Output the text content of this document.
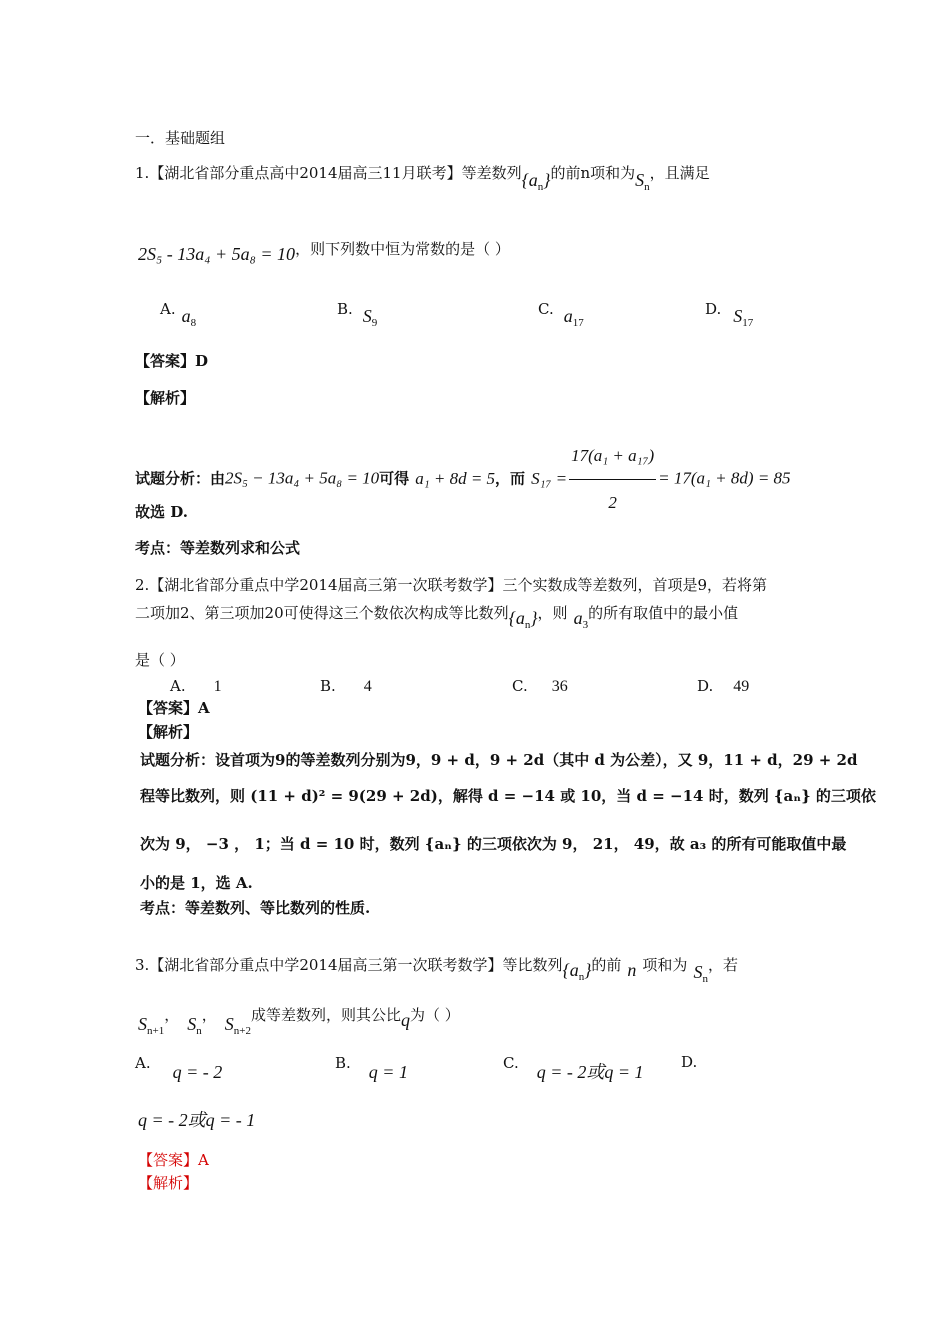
一．基础题组
1.【湖北省部分重点高中2014届高三11月联考】等差数列$\{a_n\}$的前n项和为$S_n$，且满足
2S₅ - 13a₄ + 5a₈ = 10，则下列数中恒为常数的是（ ）
A. $a_8$
B. $S_9$
C. $a_{17}$
D. $S_{17}$
【答案】D
【解析】
试题分析：由2S₅ − 13a₄ + 5a₈ = 10可得 a₁ + 8d = 5，而 $S_{17} = \frac{\text{17(a₁ + a₁₇)}}{2} = 17(a_1 + 8d) = 85$
故选 D.
考点：等差数列求和公式
2.【湖北省部分重点中学2014届高三第一次联考数学】三个实数成等差数列，首项是9，若将第
二项加2、第三项加20可使得这三个数依次构成等比数列$\{a_n\}$，则 $a_3$的所有取值中的最小值
是（ ）
A. 1	B. 4	C. 36	D. 49
【答案】A
【解析】
试题分析：设首项为9的等差数列分别为9，9 + d，9 + 2d（其中 d 为公差），又 9，11 + d，29 + 2d
程等比数列，则 (11 + d)² = 9(29 + 2d)，解得 d = −14 或 10，当 d = −14 时，数列 {aₙ} 的三项依
次为 9， −3 ， 1；当 d = 10 时，数列 {aₙ} 的三项依次为 9， 21， 49，故 a₃ 的所有可能取值中最
小的是 1，选 A.
考点：等差数列、等比数列的性质.
3.【湖北省部分重点中学2014届高三第一次联考数学】等比数列$\{a_n\}$的前 n 项和为 $S_n$，若
$S_{n+1}$， $S_n$， $S_{n+2}$成等差数列，则其公比q为（ ）
A. q = - 2	B. q = 1	C. q = - 2或q = 1 D.
q = - 2或q = - 1
【答案】A
【解析】
